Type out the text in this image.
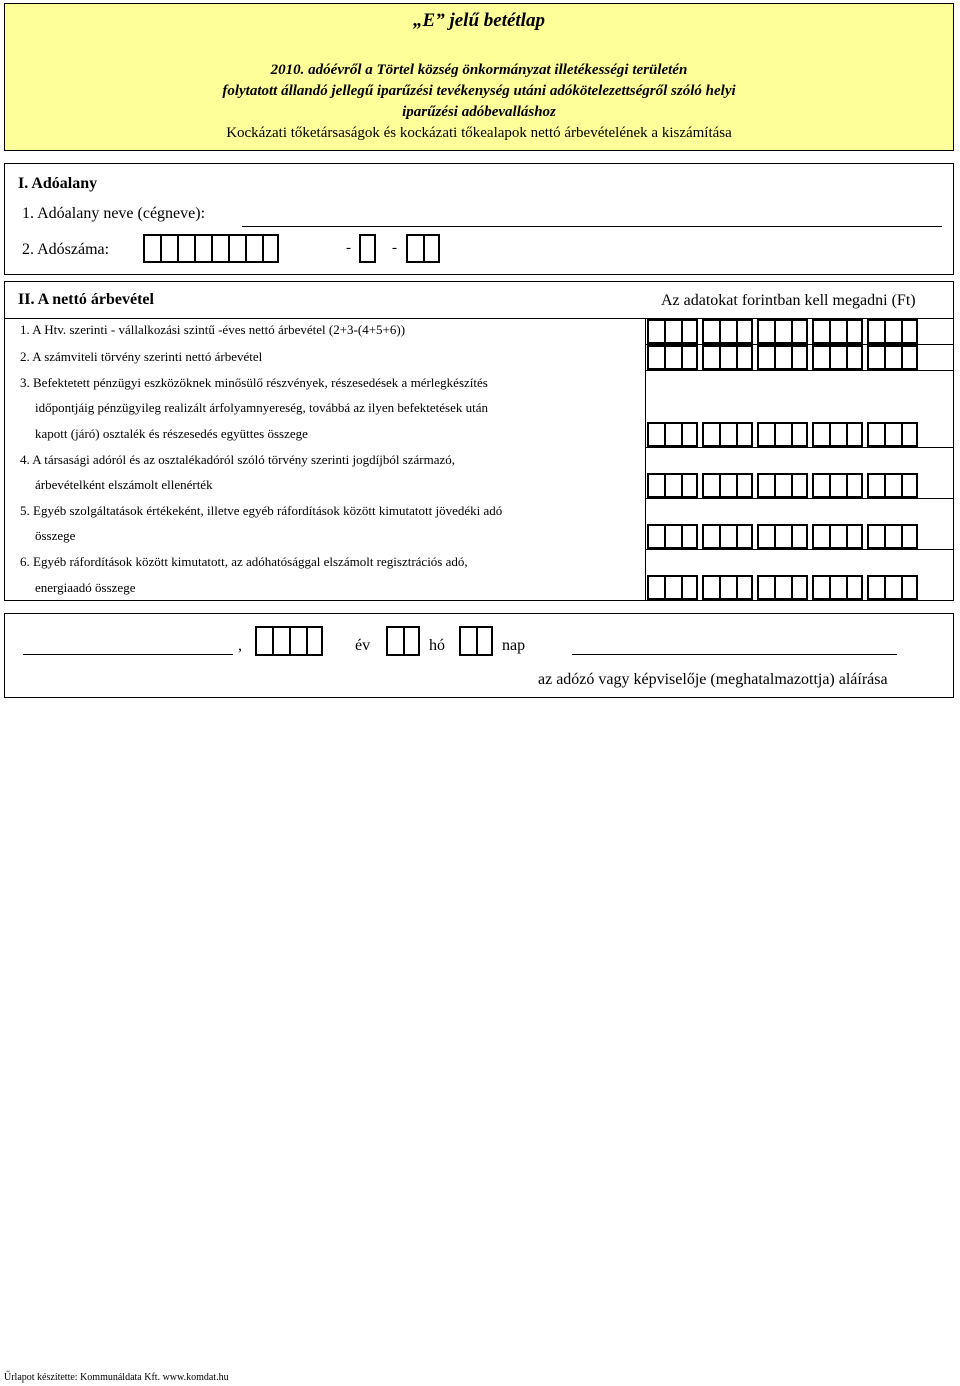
„E” jelű betétlap
2010. adóévről a Törtel község önkormányzat illetékességi területén
folytatott állandó jellegű iparűzési tevékenység utáni adókötelezettségről szóló helyi
iparűzési adóbevalláshoz
Kockázati tőketársaságok és kockázati tőkealapok nettó árbevételének a kiszámítása
I. Adóalany
1. Adóalany neve (cégneve):
2. Adószáma:	-	-
II. A nettó árbevétel	Az adatokat forintban kell megadni (Ft)
1. A Htv. szerinti - vállalkozási szintű -éves nettó árbevétel (2+3-(4+5+6))
2. A számviteli törvény szerinti nettó árbevétel
3. Befektetett pénzügyi eszközöknek minősülő részvények, részesedések a mérlegkészítés
időpontjáig pénzügyileg realizált árfolyamnyereség, továbbá az ilyen befektetések után
kapott (járó) osztalék és részesedés együttes összege
4. A társasági adóról és az osztalékadóról szóló törvény szerinti jogdíjból származó,
árbevételként elszámolt ellenérték
5. Egyéb szolgáltatások értékeként, illetve egyéb ráfordítások között kimutatott jövedéki adó
összege
6. Egyéb ráfordítások között kimutatott, az adóhatósággal elszámolt regisztrációs adó,
energiaadó összege
,	év	hó	nap
az adózó vagy képviselője (meghatalmazottja) aláírása
Űrlapot készítette: Kommunáldata Kft. www.komdat.hu
